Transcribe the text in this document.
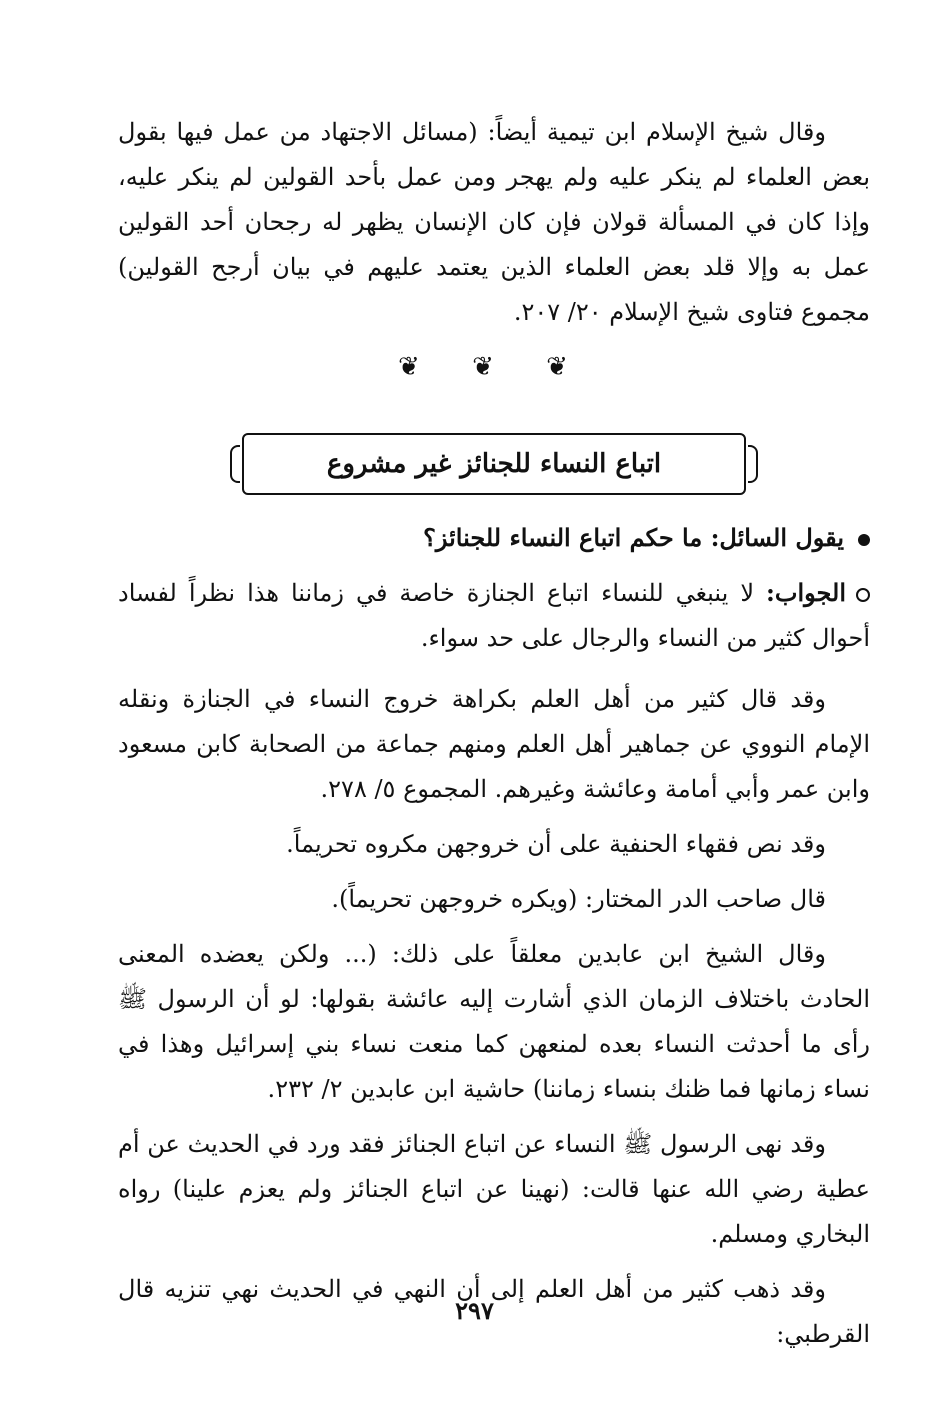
وقال شيخ الإسلام ابن تيمية أيضاً: (مسائل الاجتهاد من عمل فيها بقول بعض العلماء لم ينكر عليه ولم يهجر ومن عمل بأحد القولين لم ينكر عليه، وإذا كان في المسألة قولان فإن كان الإنسان يظهر له رجحان أحد القولين عمل به وإلا قلد بعض العلماء الذين يعتمد عليهم في بيان أرجح القولين) مجموع فتاوى شيخ الإسلام ٢٠/ ٢٠٧.

❦ ❦ ❦
اتباع النساء للجنائز غير مشروع
يقول السائل: ما حكم اتباع النساء للجنائز؟

الجواب: لا ينبغي للنساء اتباع الجنازة خاصة في زماننا هذا نظراً لفساد أحوال كثير من النساء والرجال على حد سواء.

وقد قال كثير من أهل العلم بكراهة خروج النساء في الجنازة ونقله الإمام النووي عن جماهير أهل العلم ومنهم جماعة من الصحابة كابن مسعود وابن عمر وأبي أمامة وعائشة وغيرهم. المجموع ٥/ ٢٧٨.

وقد نص فقهاء الحنفية على أن خروجهن مكروه تحريماً.

قال صاحب الدر المختار: (ويكره خروجهن تحريماً).

وقال الشيخ ابن عابدين معلقاً على ذلك: (... ولكن يعضده المعنى الحادث باختلاف الزمان الذي أشارت إليه عائشة بقولها: لو أن الرسول ﷺ رأى ما أحدثت النساء بعده لمنعهن كما منعت نساء بني إسرائيل وهذا في نساء زمانها فما ظنك بنساء زماننا) حاشية ابن عابدين ٢/ ٢٣٢.

وقد نهى الرسول ﷺ النساء عن اتباع الجنائز فقد ورد في الحديث عن أم عطية رضي الله عنها قالت: (نهينا عن اتباع الجنائز ولم يعزم علينا) رواه البخاري ومسلم.

وقد ذهب كثير من أهل العلم إلى أن النهي في الحديث نهي تنزيه قال القرطبي:

٢٩٧
